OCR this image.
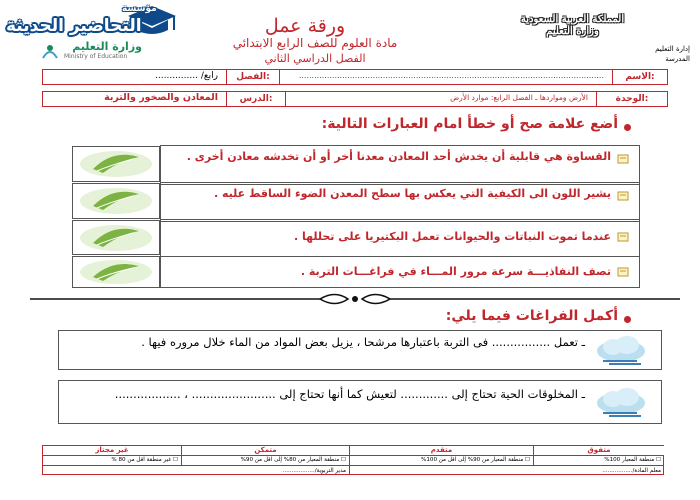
مؤسسة
التحاضير الحديثة
وزارة التعليم
Ministry of Education
ورقة عمل
مادة العلوم للصف الرابع الابتدائي
الفصل الدراسي الثاني
المملكة العربية السعودية
وزارة التعليم
إدارة التعليم
المدرسة
الاسم:
........................................................................................................................
الفصل:
رابع/ ...............
الوحدة:
الأرض ومواردها ـ الفصل الرابع: موارد الأرض
الدرس:
المعادن والصخور والتربة
أضع علامة صح أو خطأ امام العبارات التالية:
القساوة هي قابلية أن يخدش أحد المعادن معدنا أخر أو أن تخدشه معادن أخرى .
يشير اللون الى الكيفية التي يعكس بها سطح المعدن الضوء الساقط عليه .
عندما تموت النباتات والحيوانات تعمل البكتيريا على تحللها .
تصف النفاذيـــة سرعة مرور المـــاء في فراغـــات التربة .
أكمل الفراغات فيما يلي:
ـ تعمل ................ فى التربة باعتبارها مرشحا ، يزيل بعض المواد من الماء خلال مروره فيها .
ـ المخلوقات الحية تحتاج إلى ............. لتعيش كما أنها تحتاج إلى ....................... ، ..................
متفوق
متقدم
متمكن
غير مجتاز
☐ منطقة المعيار 100%
☐ منطقة المعيار من 90% إلى اقل من 100%
☐ منطقة المعيار من 80% إلى اقل من 90%
☐ غير منطقة اقل من 80 %
معلم المادة/.................
مدير التربوية/..................
